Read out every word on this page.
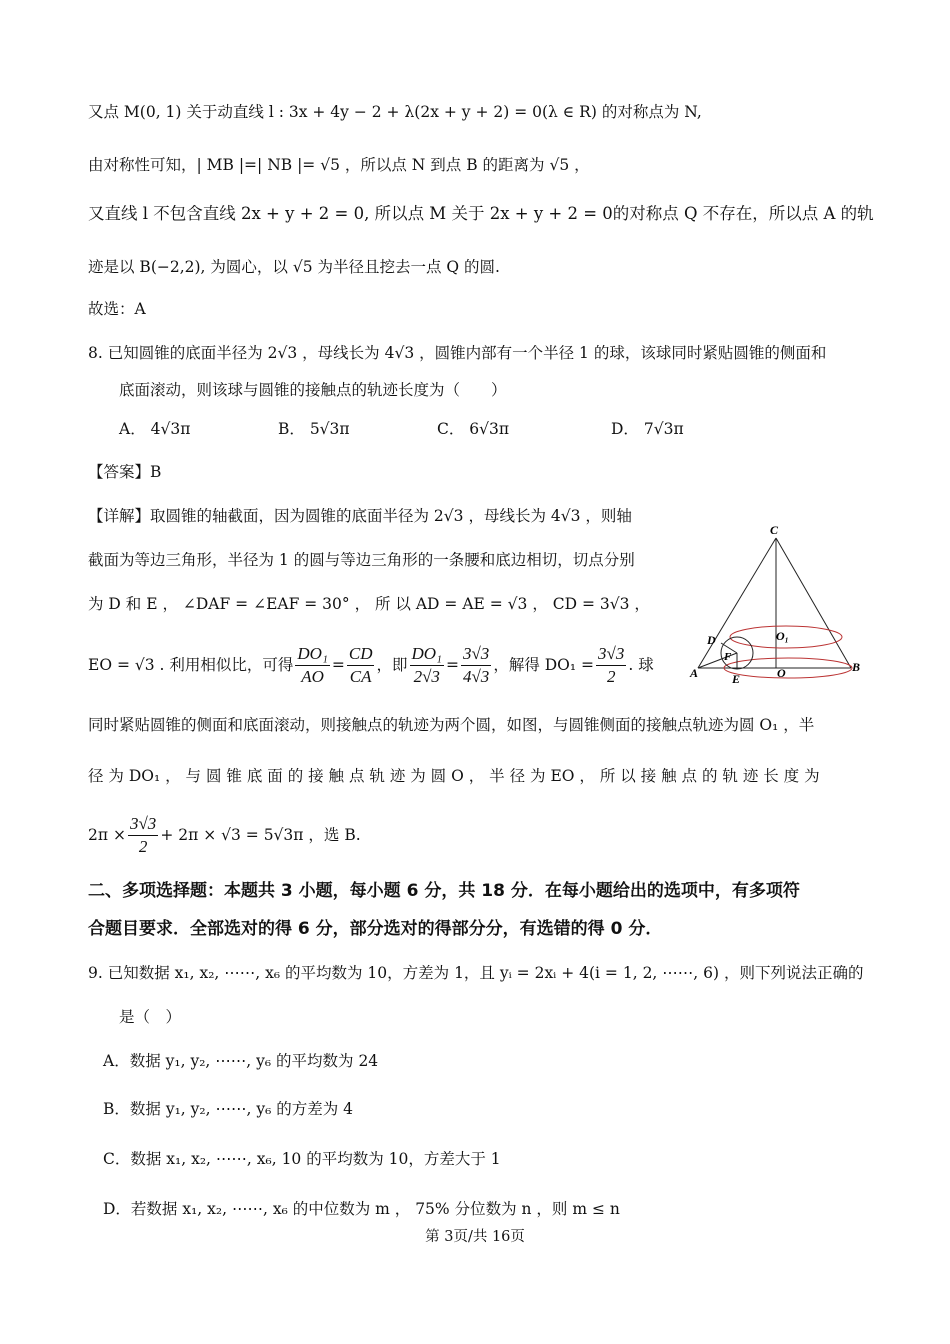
又点 M(0, 1) 关于动直线 l : 3x + 4y − 2 + λ(2x + y + 2) = 0(λ ∈ R) 的对称点为 N,
由对称性可知，| MB |=| NB |= √5 ，所以点 N 到点 B 的距离为 √5 ，
又直线 l 不包含直线 2x + y + 2 = 0, 所以点 M 关于 2x + y + 2 = 0的对称点 Q 不存在，所以点 A 的轨
迹是以 B(−2,2), 为圆心，以 √5 为半径且挖去一点 Q 的圆.
故选：A
8. 已知圆锥的底面半径为 2√3 ，母线长为 4√3 ，圆锥内部有一个半径 1 的球，该球同时紧贴圆锥的侧面和
底面滚动，则该球与圆锥的接触点的轨迹长度为（　　）
A． 4√3π	B． 5√3π	C． 6√3π	D． 7√3π
【答案】B
【详解】取圆锥的轴截面，因为圆锥的底面半径为 2√3 ，母线长为 4√3 ，则轴
截面为等边三角形，半径为 1 的圆与等边三角形的一条腰和底边相切，切点分别
为 D 和 E ， ∠DAF = ∠EAF = 30° ， 所 以 AD = AE = √3 ， CD = 3√3 ，
EO = √3 . 利用相似比，可得 $\frac{\text{DO₁}}{AO} = \frac{CD}{CA}$ ，即 $\frac{\text{DO₁}}{2√3} = \frac{3√3}{4√3}$ ，解得 $DO_1 = \frac{3√3}{2}$ . 球
同时紧贴圆锥的侧面和底面滚动，则接触点的轨迹为两个圆，如图，与圆锥侧面的接触点轨迹为圆 O₁ ，半
径 为 DO₁ ， 与 圆 锥 底 面 的 接 触 点 轨 迹 为 圆 O ， 半 径 为 EO ， 所 以 接 触 点 的 轨 迹 长 度 为
$2\pi \times \frac{3√3}{2} + 2\pi \times √3 = 5√3\pi$ ，选 B.
二、多项选择题：本题共 3 小题，每小题 6 分，共 18 分．在每小题给出的选项中，有多项符
合题目要求．全部选对的得 6 分，部分选对的得部分分，有选错的得 0 分．
9. 已知数据 x₁, x₂, ⋯⋯, x₆ 的平均数为 10，方差为 1，且 yᵢ = 2xᵢ + 4(i = 1, 2, ⋯⋯, 6) ，则下列说法正确的
是（　）
A．数据 y₁, y₂, ⋯⋯, y₆ 的平均数为 24
B．数据 y₁, y₂, ⋯⋯, y₆ 的方差为 4
C．数据 x₁, x₂, ⋯⋯, x₆, 10 的平均数为 10，方差大于 1
D．若数据 x₁, x₂, ⋯⋯, x₆ 的中位数为 m ， 75% 分位数为 n ，则 m ≤ n
C
D	O₁
F
A	E	O	B
第 3页/共 16页
